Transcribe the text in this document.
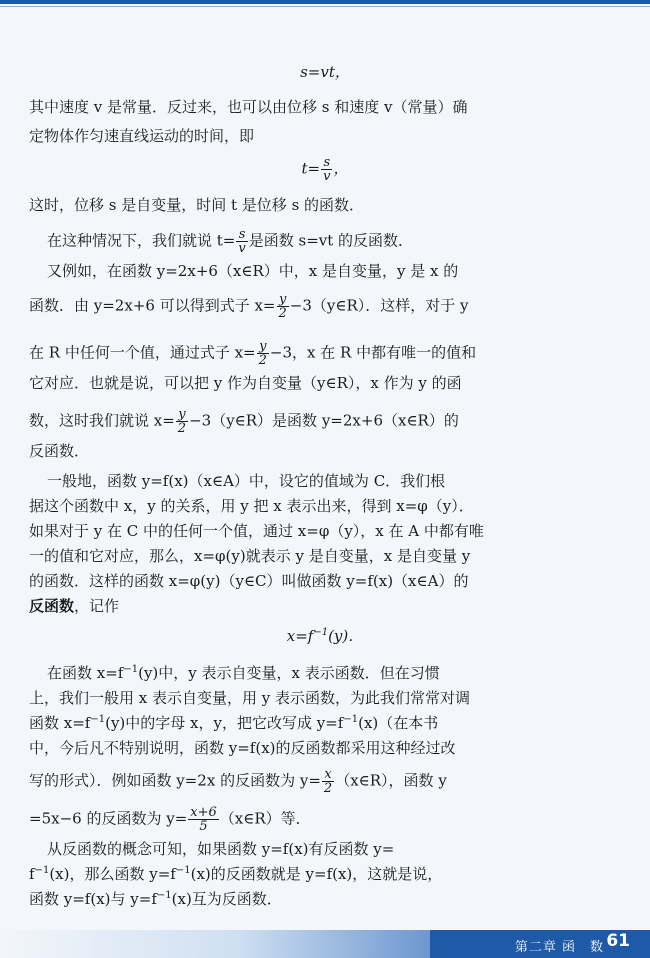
s=vt，
其中速度 v 是常量．反过来，也可以由位移 s 和速度 v（常量）确
定物体作匀速直线运动的时间，即
$t= \frac{s}{v}$ ，
这时，位移 s 是自变量，时间 t 是位移 s 的函数．
在这种情况下，我们就说 $t= \frac{s}{v}$ 是函数 s=vt 的反函数．
又例如，在函数 y=2x+6（x∈R）中，x 是自变量，y 是 x 的
函数．由 y=2x+6 可以得到式子 $x= \frac{y}{2}$ −3（y∈R）．这样，对于 y
在 R 中任何一个值，通过式子 $x= \frac{y}{2} -3$，x 在 R 中都有唯一的值和
它对应．也就是说，可以把 y 作为自变量（y∈R），x 作为 y 的函
数，这时我们就说 $x= \frac{y}{2}$ −3（y∈R）是函数 y=2x+6（x∈R）的
反函数．
一般地，函数 y=f(x)（x∈A）中，设它的值域为 C．我们根
据这个函数中 x，y 的关系，用 y 把 x 表示出来，得到 x=φ（y）．
如果对于 y 在 C 中的任何一个值，通过 x=φ（y），x 在 A 中都有唯
一的值和它对应，那么，x=φ(y)就表示 y 是自变量，x 是自变量 y
的函数．这样的函数 x=φ(y)（y∈C）叫做函数 y=f(x)（x∈A）的
反函数，记作
$x=f^{-1}(y)$．
在函数 $x=f^{-1}(y)$中，y 表示自变量，x 表示函数．但在习惯
上，我们一般用 x 表示自变量，用 y 表示函数，为此我们常常对调
函数 $x=f^{-1}(y)$中的字母 x，y，把它改写成 $y=f^{-1}(x)$（在本书
中，今后凡不特别说明，函数 y=f(x)的反函数都采用这种经过改
写的形式）．例如函数 y=2x 的反函数为 $y= \frac{x}{2}$ （x∈R），函数 y
=5x−6 的反函数为 $y= \frac{x+6}{5}$ （x∈R）等．
从反函数的概念可知，如果函数 y=f(x)有反函数 y=
$f^{-1}(x)$，那么函数 $y=f^{-1}(x)$的反函数就是 y=f(x)，这就是说，
函数 y=f(x)与 $y=f^{-1}(x)$互为反函数．
第二章 函　数 61
